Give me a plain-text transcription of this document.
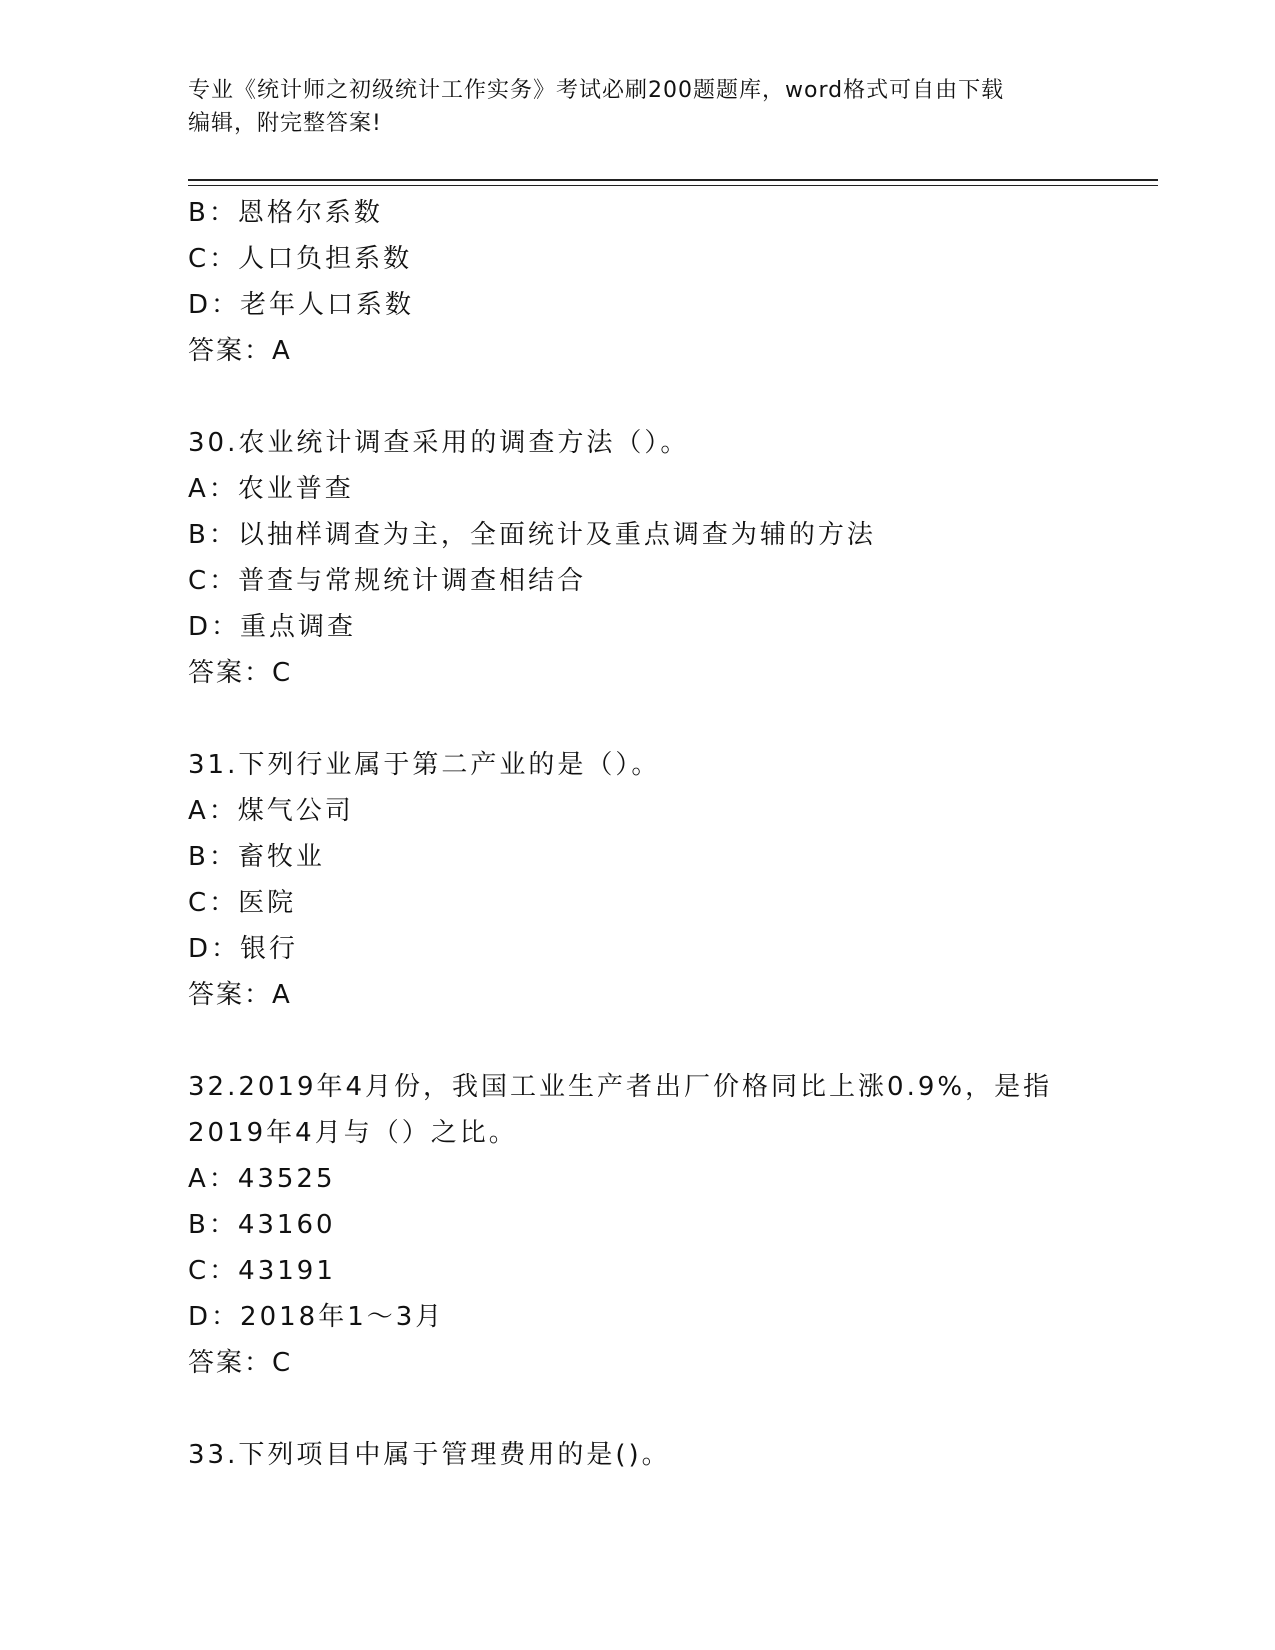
专业《统计师之初级统计工作实务》考试必刷200题题库，word格式可自由下载
编辑，附完整答案!
B：恩格尔系数
C：人口负担系数
D：老年人口系数
答案：A
30.农业统计调查采用的调查方法（）。
A：农业普查
B：以抽样调查为主，全面统计及重点调查为辅的方法
C：普查与常规统计调查相结合
D：重点调查
答案：C
31.下列行业属于第二产业的是（）。
A：煤气公司
B：畜牧业
C：医院
D：银行
答案：A
32.2019年4月份，我国工业生产者出厂价格同比上涨0.9%，是指
2019年4月与（）之比。
A：43525
B：43160
C：43191
D：2018年1～3月
答案：C
33.下列项目中属于管理费用的是()。
